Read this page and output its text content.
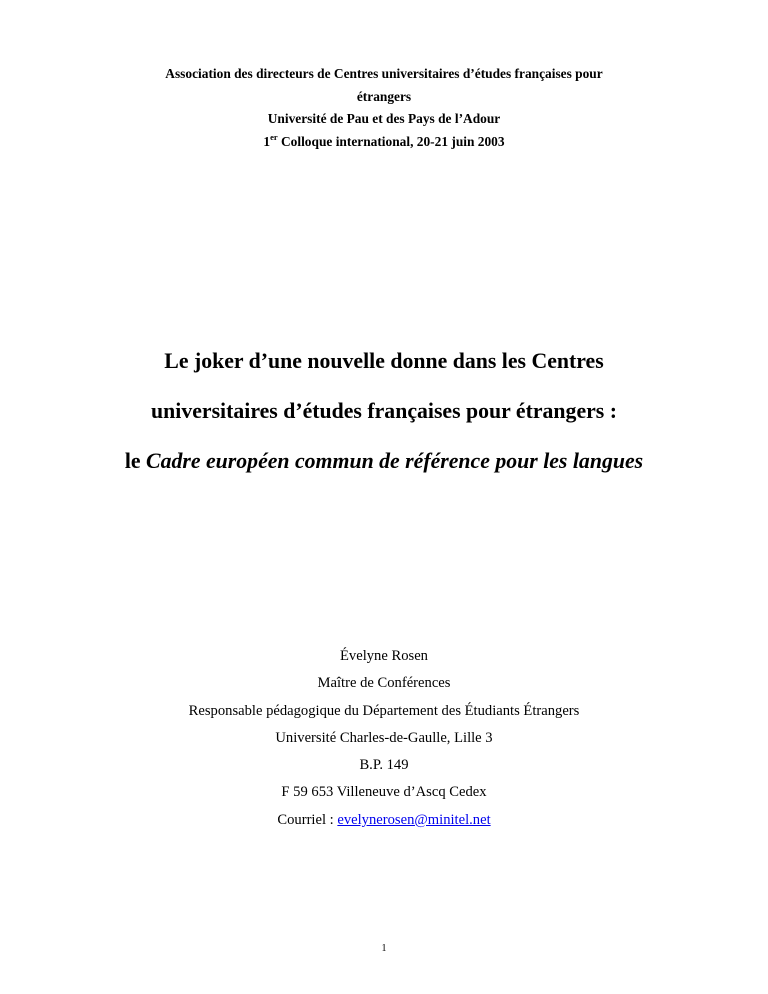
Association des directeurs de Centres universitaires d’études françaises pour
étrangers
Université de Pau et des Pays de l’Adour
1er Colloque international, 20-21 juin 2003
Le joker d’une nouvelle donne dans les Centres
universitaires d’études françaises pour étrangers :
le Cadre européen commun de référence pour les langues
Évelyne Rosen
Maître de Conférences
Responsable pédagogique du Département des Étudiants Étrangers
Université Charles-de-Gaulle, Lille 3
B.P. 149
F 59 653 Villeneuve d’Ascq Cedex
Courriel : evelynerosen@minitel.net
1
